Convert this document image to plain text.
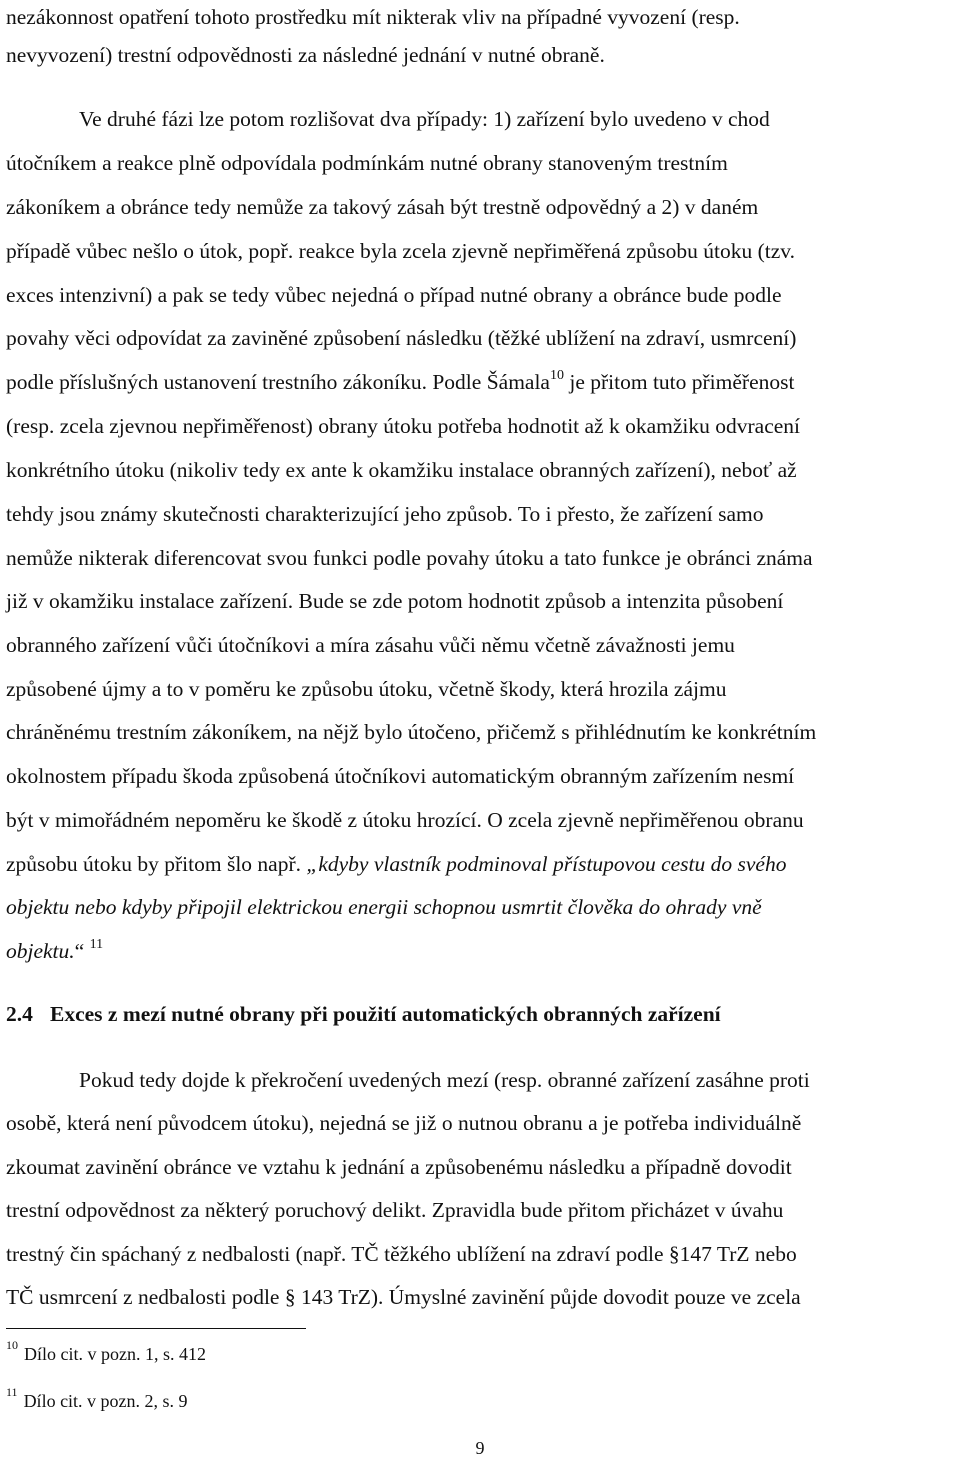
nezákonnost opatření tohoto prostředku mít nikterak vliv na případné vyvození (resp.

nevyvození) trestní odpovědnosti za následné jednání v nutné obraně.

Ve druhé fázi lze potom rozlišovat dva případy: 1) zařízení bylo uvedeno v chod

útočníkem a reakce plně odpovídala podmínkám nutné obrany stanoveným trestním

zákoníkem a obránce tedy nemůže za takový zásah být trestně odpovědný a 2) v daném

případě vůbec nešlo o útok, popř. reakce byla zcela zjevně nepřiměřená způsobu útoku (tzv.

exces intenzivní) a pak se tedy vůbec nejedná o případ nutné obrany a obránce bude podle

povahy věci odpovídat za zaviněné způsobení následku (těžké ublížení na zdraví, usmrcení)

podle příslušných ustanovení trestního zákoníku. Podle Šámala$^{10}$ je přitom tuto přiměřenost

(resp. zcela zjevnou nepřiměřenost) obrany útoku potřeba hodnotit až k okamžiku odvracení

konkrétního útoku (nikoliv tedy ex ante k okamžiku instalace obranných zařízení), neboť až

tehdy jsou známy skutečnosti charakterizující jeho způsob. To i přesto, že zařízení samo

nemůže nikterak diferencovat svou funkci podle povahy útoku a tato funkce je obránci známa

již v okamžiku instalace zařízení. Bude se zde potom hodnotit způsob a intenzita působení

obranného zařízení vůči útočníkovi a míra zásahu vůči němu včetně závažnosti jemu

způsobené újmy a to v poměru ke způsobu útoku, včetně škody, která hrozila zájmu

chráněnému trestním zákoníkem, na nějž bylo útočeno, přičemž s přihlédnutím ke konkrétním

okolnostem případu škoda způsobená útočníkovi automatickým obranným zařízením nesmí

být v mimořádném nepoměru ke škodě z útoku hrozící. O zcela zjevně nepřiměřenou obranu

způsobu útoku by přitom šlo např. „kdyby vlastník podminoval přístupovou cestu do svého

objektu nebo kdyby připojil elektrickou energii schopnou usmrtit člověka do ohrady vně

objektu.“ $^{11}$

2.4 Exces z mezí nutné obrany při použití automatických obranných zařízení

Pokud tedy dojde k překročení uvedených mezí (resp. obranné zařízení zasáhne proti

osobě, která není původcem útoku), nejedná se již o nutnou obranu a je potřeba individuálně

zkoumat zavinění obránce ve vztahu k jednání a způsobenému následku a případně dovodit

trestní odpovědnost za některý poruchový delikt. Zpravidla bude přitom přicházet v úvahu

trestný čin spáchaný z nedbalosti (např. TČ těžkého ublížení na zdraví podle §147 TrZ nebo

TČ usmrcení z nedbalosti podle § 143 TrZ). Úmyslné zavinění půjde dovodit pouze ve zcela

$^{10}$ Dílo cit. v pozn. 1, s. 412
$^{11}$ Dílo cit. v pozn. 2, s. 9
9
